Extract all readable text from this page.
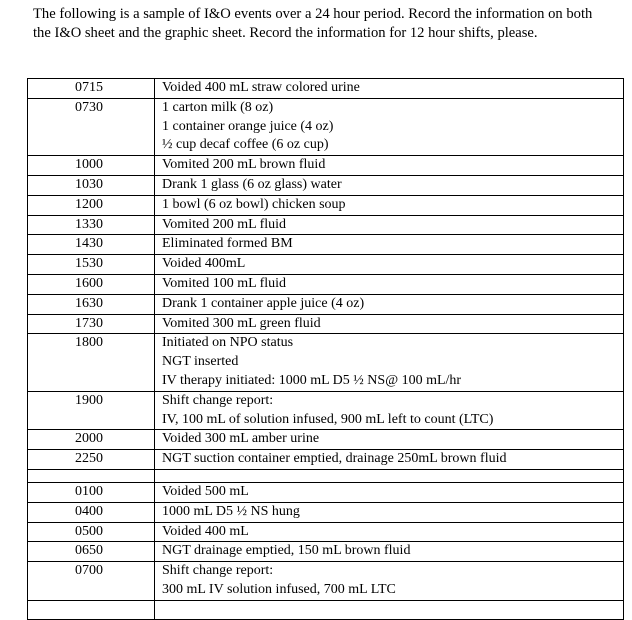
The following is a sample of I&O events over a 24 hour period. Record the information on both the I&O sheet and the graphic sheet. Record the information for 12 hour shifts, please.

0715	Voided 400 mL straw colored urine

0730	1 carton milk (8 oz)
1 container orange juice (4 oz)
½ cup decaf coffee (6 oz cup)

1000	Vomited 200 mL brown fluid

1030	Drank 1 glass (6 oz glass) water

1200	1 bowl (6 oz bowl) chicken soup

1330	Vomited 200 mL fluid

1430	Eliminated formed BM

1530	Voided 400mL

1600	Vomited 100 mL fluid

1630	Drank 1 container apple juice (4 oz)

1730	Vomited 300 mL green fluid

1800	Initiated on NPO status
NGT inserted
IV therapy initiated: 1000 mL D5 ½ NS@ 100 mL/hr

1900	Shift change report:
IV, 100 mL of solution infused, 900 mL left to count (LTC)

2000	Voided 300 mL amber urine

2250	NGT suction container emptied, drainage 250mL brown fluid

0100	Voided 500 mL

0400	1000 mL D5 ½ NS hung

0500	Voided 400 mL

0650	NGT drainage emptied, 150 mL brown fluid

0700	Shift change report:
300 mL IV solution infused, 700 mL LTC
